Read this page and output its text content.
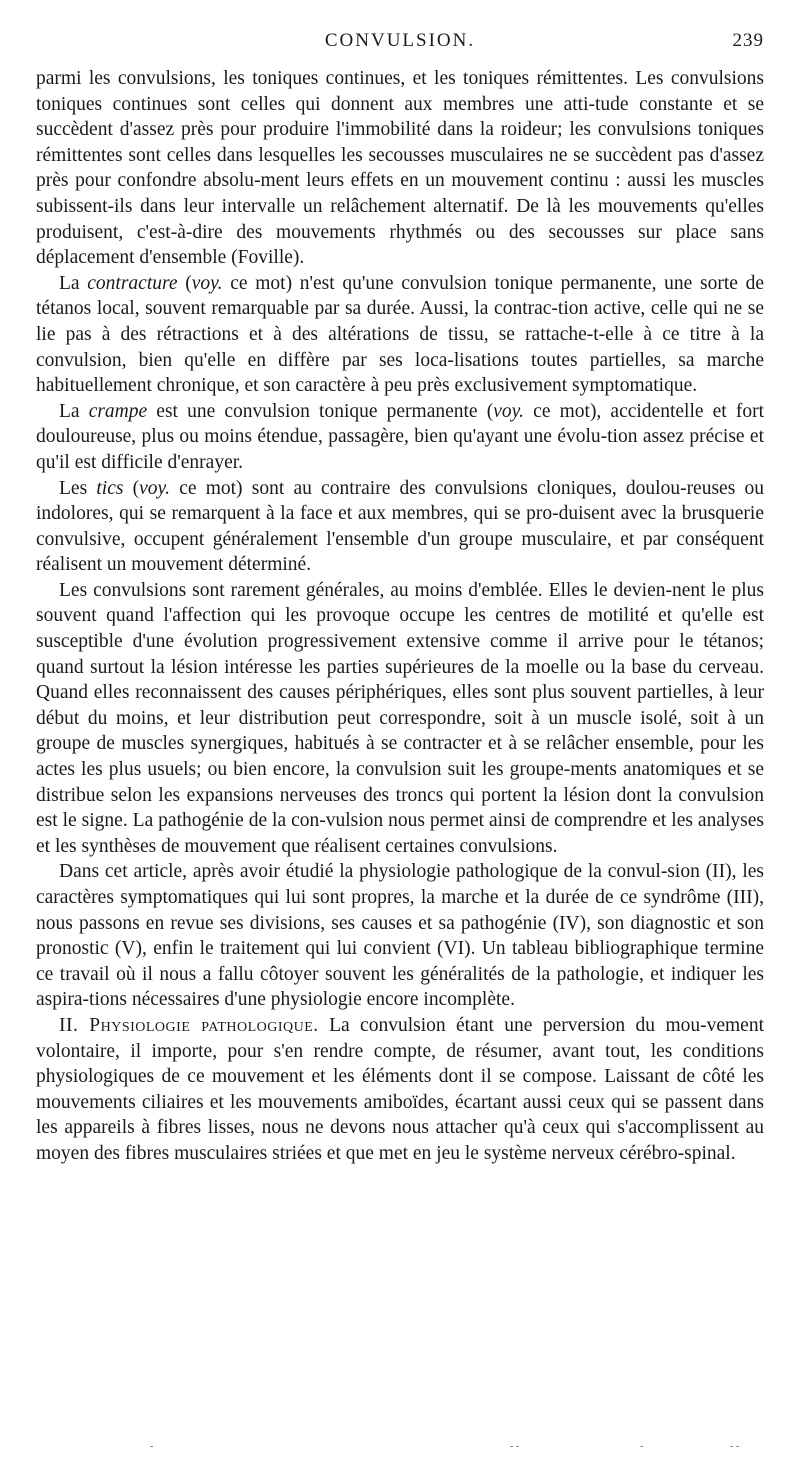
CONVULSION.	239

parmi les convulsions, les toniques continues, et les toniques rémittentes. Les convulsions toniques continues sont celles qui donnent aux membres une atti-tude constante et se succèdent d'assez près pour produire l'immobilité dans la roideur; les convulsions toniques rémittentes sont celles dans lesquelles les secousses musculaires ne se succèdent pas d'assez près pour confondre absolu-ment leurs effets en un mouvement continu : aussi les muscles subissent-ils dans leur intervalle un relâchement alternatif. De là les mouvements qu'elles produisent, c'est-à-dire des mouvements rhythmés ou des secousses sur place sans déplacement d'ensemble (Foville).

La contracture (voy. ce mot) n'est qu'une convulsion tonique permanente, une sorte de tétanos local, souvent remarquable par sa durée. Aussi, la contrac-tion active, celle qui ne se lie pas à des rétractions et à des altérations de tissu, se rattache-t-elle à ce titre à la convulsion, bien qu'elle en diffère par ses loca-lisations toutes partielles, sa marche habituellement chronique, et son caractère à peu près exclusivement symptomatique.

La crampe est une convulsion tonique permanente (voy. ce mot), accidentelle et fort douloureuse, plus ou moins étendue, passagère, bien qu'ayant une évolu-tion assez précise et qu'il est difficile d'enrayer.

Les tics (voy. ce mot) sont au contraire des convulsions cloniques, doulou-reuses ou indolores, qui se remarquent à la face et aux membres, qui se pro-duisent avec la brusquerie convulsive, occupent généralement l'ensemble d'un groupe musculaire, et par conséquent réalisent un mouvement déterminé.

Les convulsions sont rarement générales, au moins d'emblée. Elles le devien-nent le plus souvent quand l'affection qui les provoque occupe les centres de motilité et qu'elle est susceptible d'une évolution progressivement extensive comme il arrive pour le tétanos; quand surtout la lésion intéresse les parties supérieures de la moelle ou la base du cerveau. Quand elles reconnaissent des causes périphériques, elles sont plus souvent partielles, à leur début du moins, et leur distribution peut correspondre, soit à un muscle isolé, soit à un groupe de muscles synergiques, habitués à se contracter et à se relâcher ensemble, pour les actes les plus usuels; ou bien encore, la convulsion suit les groupe-ments anatomiques et se distribue selon les expansions nerveuses des troncs qui portent la lésion dont la convulsion est le signe. La pathogénie de la con-vulsion nous permet ainsi de comprendre et les analyses et les synthèses de mouvement que réalisent certaines convulsions.

Dans cet article, après avoir étudié la physiologie pathologique de la convul-sion (II), les caractères symptomatiques qui lui sont propres, la marche et la durée de ce syndrôme (III), nous passons en revue ses divisions, ses causes et sa pathogénie (IV), son diagnostic et son pronostic (V), enfin le traitement qui lui convient (VI). Un tableau bibliographique termine ce travail où il nous a fallu côtoyer souvent les généralités de la pathologie, et indiquer les aspira-tions nécessaires d'une physiologie encore incomplète.

II. Physiologie pathologique. La convulsion étant une perversion du mou-vement volontaire, il importe, pour s'en rendre compte, de résumer, avant tout, les conditions physiologiques de ce mouvement et les éléments dont il se compose. Laissant de côté les mouvements ciliaires et les mouvements amiboïdes, écartant aussi ceux qui se passent dans les appareils à fibres lisses, nous ne devons nous attacher qu'à ceux qui s'accomplissent au moyen des fibres musculaires striées et que met en jeu le système nerveux cérébro-spinal.

-	- -	-	- -
